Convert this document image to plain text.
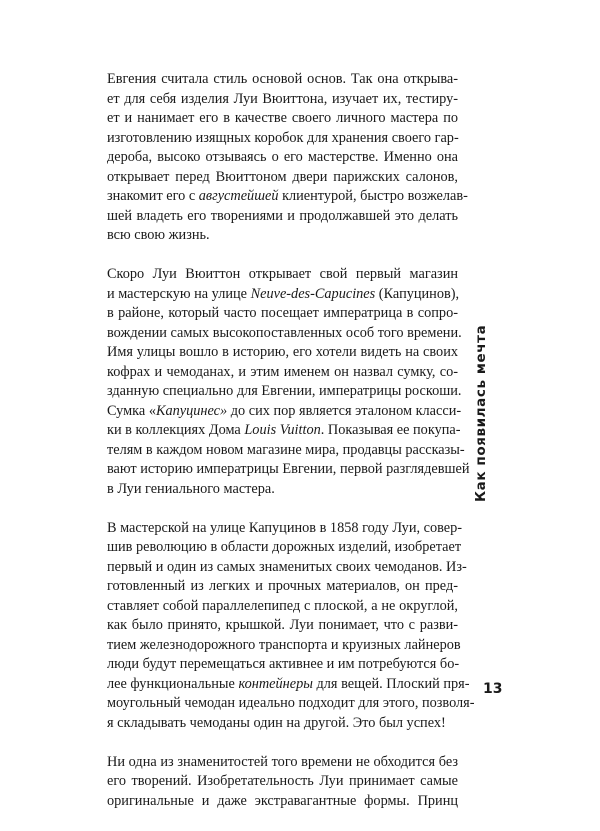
Евгения считала стиль основой основ. Так она открыва-
ет для себя изделия Луи Вюиттона, изучает их, тестиру-
ет и нанимает его в качестве своего личного мастера по
изготовлению изящных коробок для хранения своего гар-
дероба, высоко отзываясь о его мастерстве. Именно она
открывает перед Вюиттоном двери парижских салонов,
знакомит его с августейшей клиентурой, быстро возжелав-
шей владеть его творениями и продолжавшей это делать
всю свою жизнь.

Скоро Луи Вюиттон открывает свой первый магазин
и мастерскую на улице Neuve-des-Capucines (Капуцинов),
в районе, который часто посещает императрица в сопро-
вождении самых высокопоставленных особ того времени.
Имя улицы вошло в историю, его хотели видеть на своих
кофрах и чемоданах, и этим именем он назвал сумку, со-
зданную специально для Евгении, императрицы роскоши.
Сумка «Капуцинес» до сих пор является эталоном класси-
ки в коллекциях Дома Louis Vuitton. Показывая ее покупа-
телям в каждом новом магазине мира, продавцы рассказы-
вают историю императрицы Евгении, первой разглядевшей
в Луи гениального мастера.

В мастерской на улице Капуцинов в 1858 году Луи, совер-
шив революцию в области дорожных изделий, изобретает
первый и один из самых знаменитых своих чемоданов. Из-
готовленный из легких и прочных материалов, он пред-
ставляет собой параллелепипед с плоской, а не округлой,
как было принято, крышкой. Луи понимает, что с разви-
тием железнодорожного транспорта и круизных лайнеров
люди будут перемещаться активнее и им потребуются бо-
лее функциональные контейнеры для вещей. Плоский пря-
моугольный чемодан идеально подходит для этого, позволя-
я складывать чемоданы один на другой. Это был успех!

Ни одна из знаменитостей того времени не обходится без
его творений. Изобретательность Луи принимает самые
оригинальные и даже экстравагантные формы. Принц

Как появилась мечта
13
